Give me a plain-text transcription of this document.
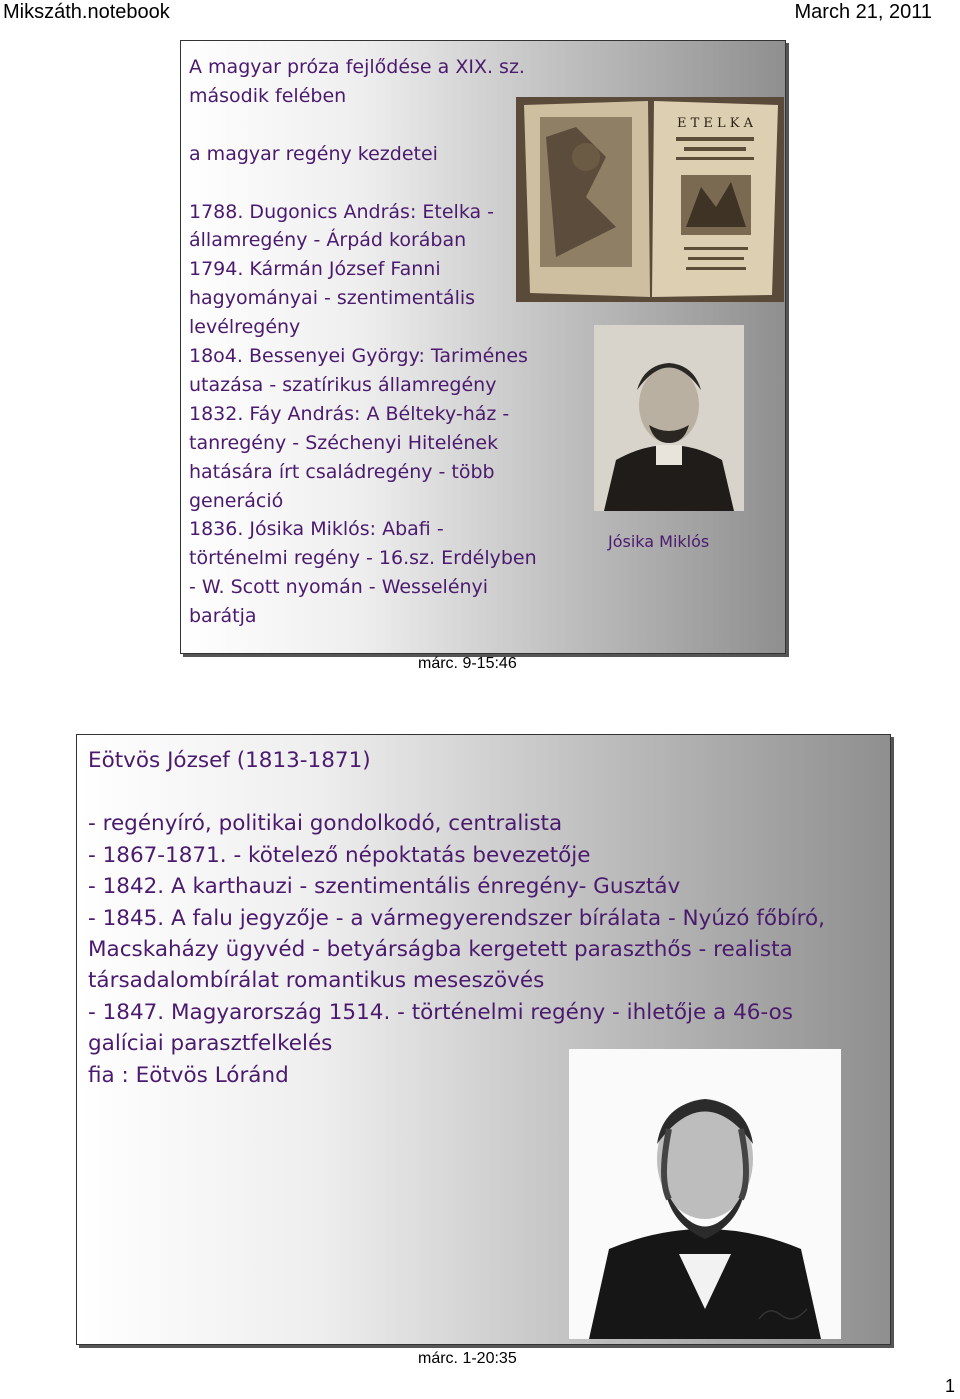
Mikszáth.notebook	March 21, 2011
A magyar próza fejlődése a XIX. sz.
második felében
a magyar regény kezdetei
1788. Dugonics András: Etelka -
államregény - Árpád korában
1794. Kármán József Fanni
hagyományai - szentimentális
levélregény
18o4. Bessenyei György: Tariménes
utazása - szatírikus államregény
1832. Fáy András: A Bélteky-ház -
tanregény - Széchenyi Hitelének
hatására írt családregény - több
generáció
1836. Jósika Miklós: Abafi -
történelmi regény - 16.sz. Erdélyben
- W. Scott nyomán - Wesselényi
barátja
E T E L K A
Jósika Miklós
márc. 9-15:46
Eötvös József (1813-1871)
- regényíró, politikai gondolkodó, centralista
- 1867-1871. - kötelező népoktatás bevezetője
- 1842. A karthauzi - szentimentális énregény- Gusztáv
- 1845. A falu jegyzője - a vármegyerendszer bírálata - Nyúzó főbíró,
Macskaházy ügyvéd - betyárságba kergetett paraszthős - realista
társadalombírálat romantikus meseszövés
- 1847. Magyarország 1514. - történelmi regény - ihletője a 46-os
galíciai parasztfelkelés
fia : Eötvös Lóránd
márc. 1-20:35
1
